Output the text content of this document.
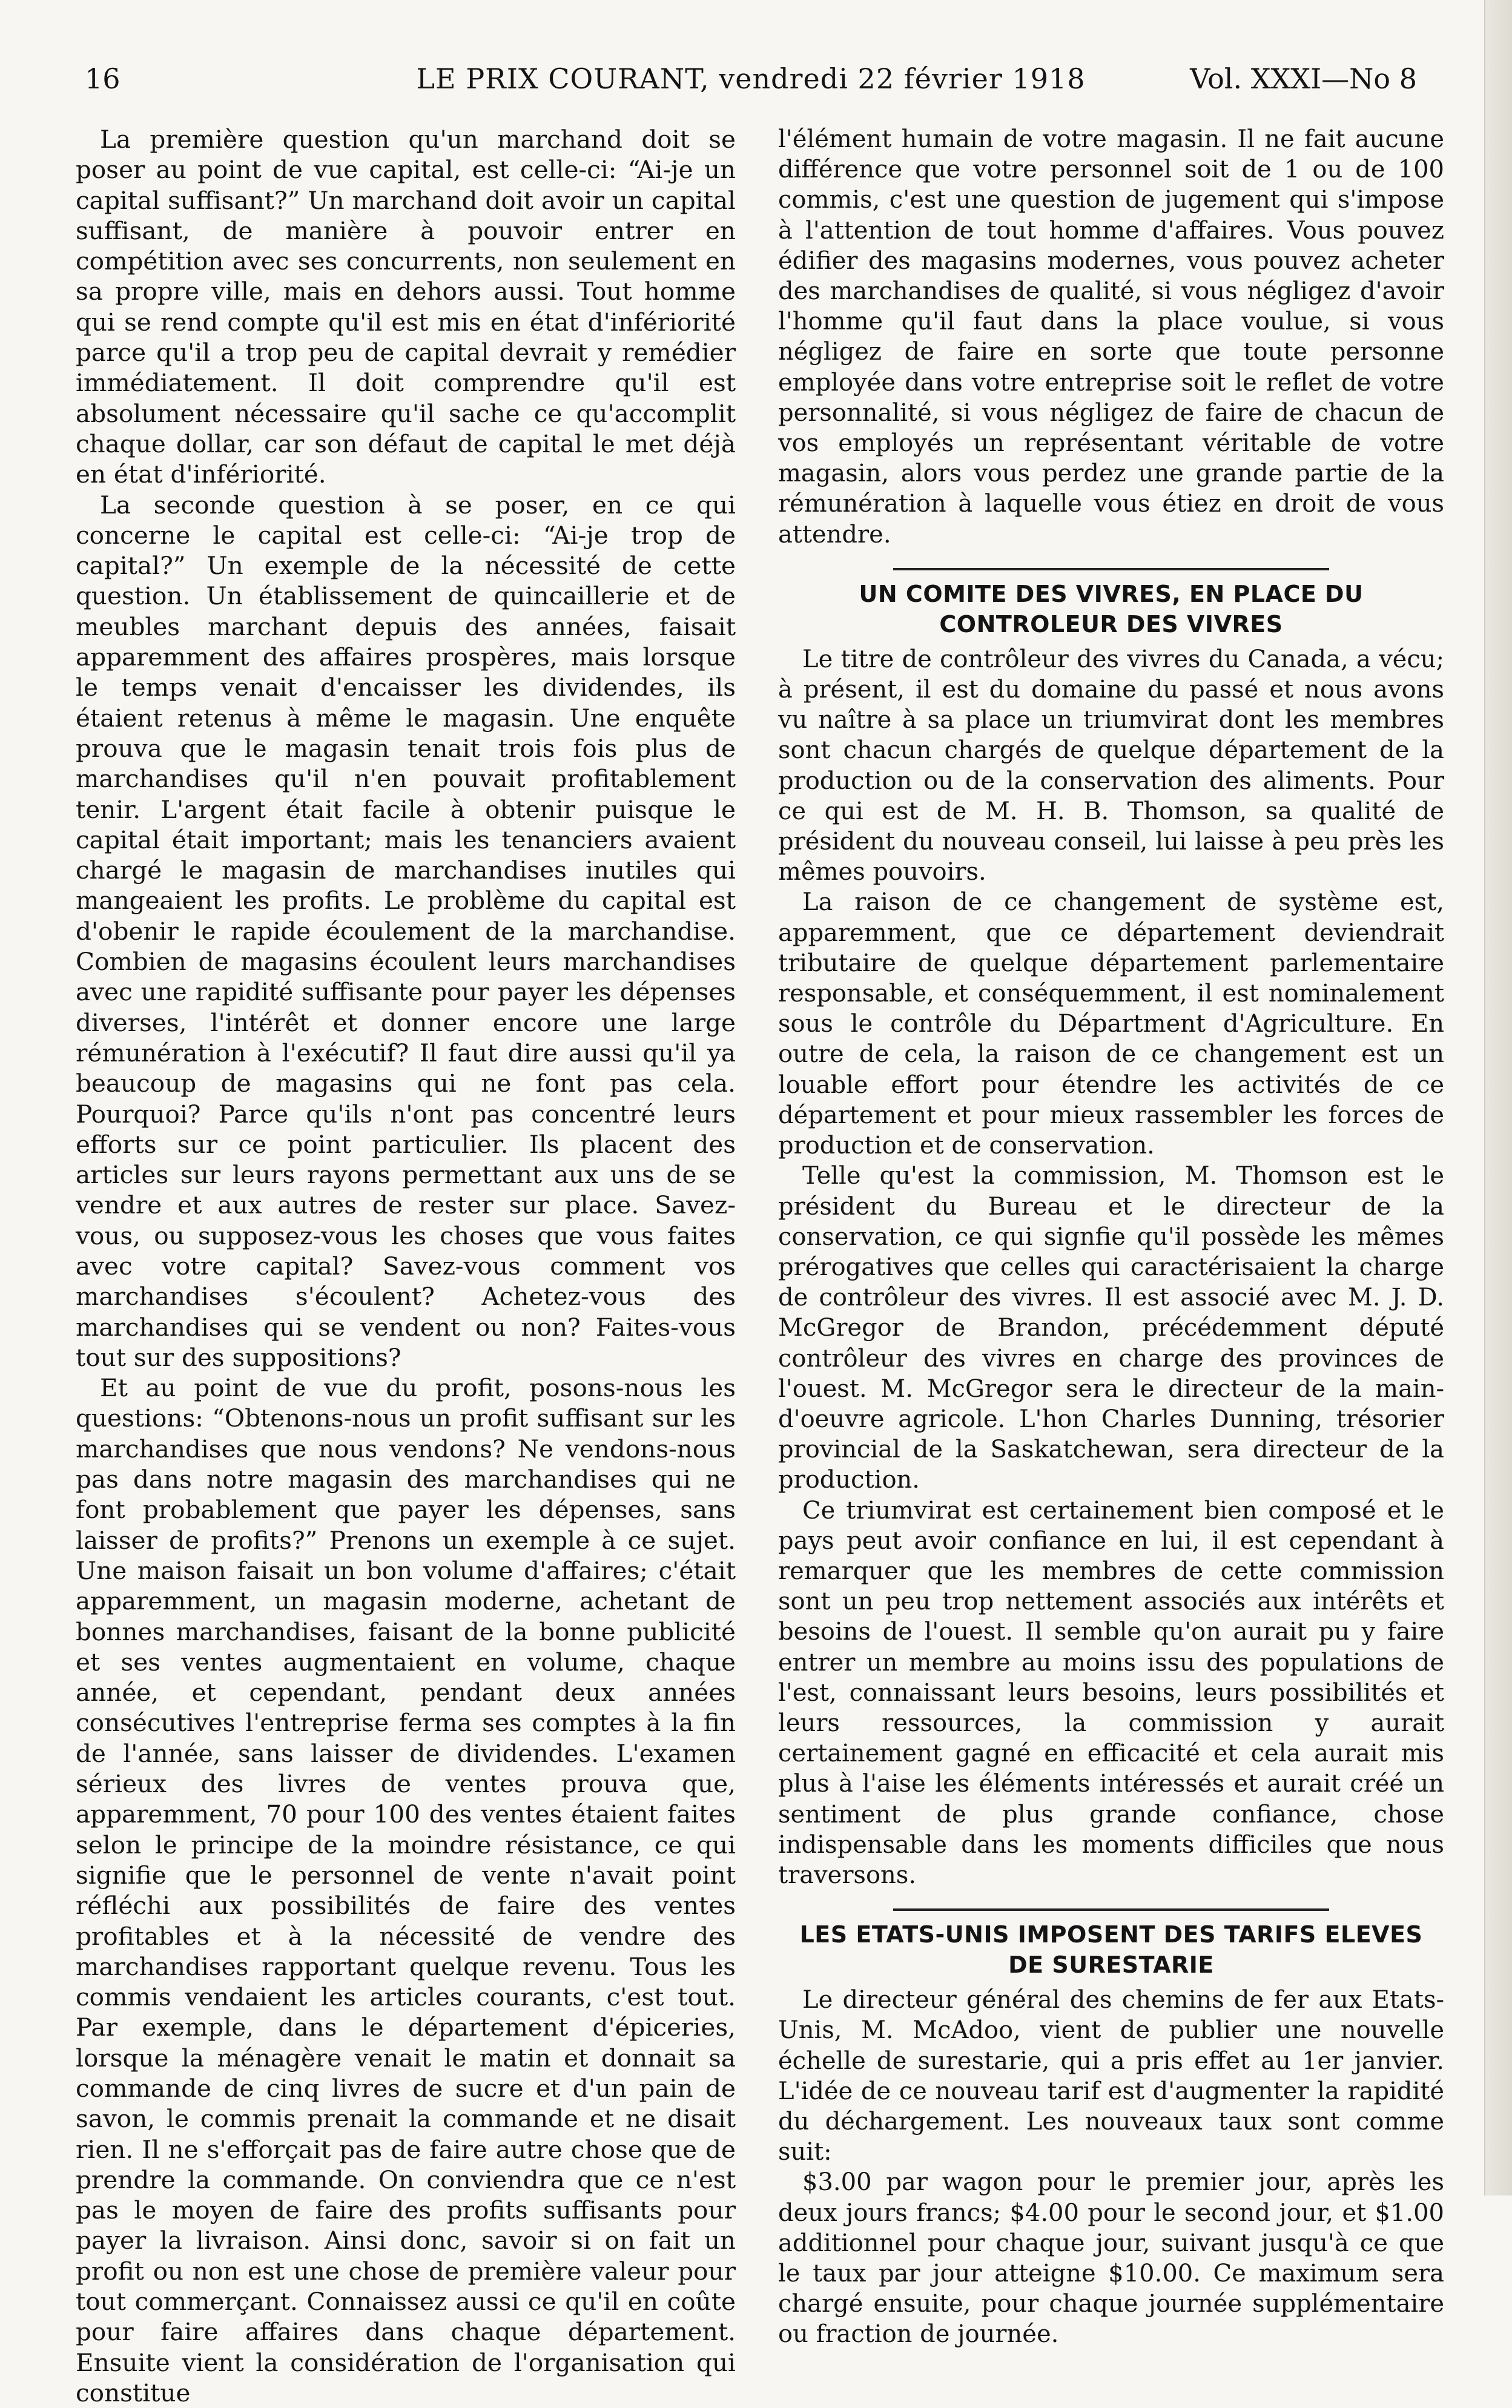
16	LE PRIX COURANT, vendredi 22 février 1918	Vol. XXXI—No 8

La première question qu'un marchand doit se poser au point de vue capital, est celle-ci: “Ai-je un capital suffisant?” Un marchand doit avoir un capital suffisant, de manière à pouvoir entrer en compétition avec ses concurrents, non seulement en sa propre ville, mais en dehors aussi. Tout homme qui se rend compte qu'il est mis en état d'infériorité parce qu'il a trop peu de capital devrait y remédier immédiatement. Il doit comprendre qu'il est absolument nécessaire qu'il sache ce qu'accomplit chaque dollar, car son défaut de capital le met déjà en état d'infériorité.

La seconde question à se poser, en ce qui concerne le capital est celle-ci: “Ai-je trop de capital?” Un exemple de la nécessité de cette question. Un établissement de quincaillerie et de meubles marchant depuis des années, faisait apparemment des affaires prospères, mais lorsque le temps venait d'encaisser les dividendes, ils étaient retenus à même le magasin. Une enquête prouva que le magasin tenait trois fois plus de marchandises qu'il n'en pouvait profitablement tenir. L'argent était facile à obtenir puisque le capital était important; mais les tenanciers avaient chargé le magasin de marchandises inutiles qui mangeaient les profits. Le problème du capital est d'obenir le rapide écoulement de la marchandise. Combien de magasins écoulent leurs marchandises avec une rapidité suffisante pour payer les dépenses diverses, l'intérêt et donner encore une large rémunération à l'exécutif? Il faut dire aussi qu'il ya beaucoup de magasins qui ne font pas cela. Pourquoi? Parce qu'ils n'ont pas concentré leurs efforts sur ce point particulier. Ils placent des articles sur leurs rayons permettant aux uns de se vendre et aux autres de rester sur place. Savez-vous, ou supposez-vous les choses que vous faites avec votre capital? Savez-vous comment vos marchandises s'écoulent? Achetez-vous des marchandises qui se vendent ou non? Faites-vous tout sur des suppositions?

Et au point de vue du profit, posons-nous les questions: “Obtenons-nous un profit suffisant sur les marchandises que nous vendons? Ne vendons-nous pas dans notre magasin des marchandises qui ne font probablement que payer les dépenses, sans laisser de profits?” Prenons un exemple à ce sujet. Une maison faisait un bon volume d'affaires; c'était apparemment, un magasin moderne, achetant de bonnes marchandises, faisant de la bonne publicité et ses ventes augmentaient en volume, chaque année, et cependant, pendant deux années consécutives l'entreprise ferma ses comptes à la fin de l'année, sans laisser de dividendes. L'examen sérieux des livres de ventes prouva que, apparemment, 70 pour 100 des ventes étaient faites selon le principe de la moindre résistance, ce qui signifie que le personnel de vente n'avait point réfléchi aux possibilités de faire des ventes profitables et à la nécessité de vendre des marchandises rapportant quelque revenu. Tous les commis vendaient les articles courants, c'est tout. Par exemple, dans le département d'épiceries, lorsque la ménagère venait le matin et donnait sa commande de cinq livres de sucre et d'un pain de savon, le commis prenait la commande et ne disait rien. Il ne s'efforçait pas de faire autre chose que de prendre la commande. On conviendra que ce n'est pas le moyen de faire des profits suffisants pour payer la livraison. Ainsi donc, savoir si on fait un profit ou non est une chose de première valeur pour tout commerçant. Connaissez aussi ce qu'il en coûte pour faire affaires dans chaque département. Ensuite vient la considération de l'organisation qui constitue

l'élément humain de votre magasin. Il ne fait aucune différence que votre personnel soit de 1 ou de 100 commis, c'est une question de jugement qui s'impose à l'attention de tout homme d'affaires. Vous pouvez édifier des magasins modernes, vous pouvez acheter des marchandises de qualité, si vous négligez d'avoir l'homme qu'il faut dans la place voulue, si vous négligez de faire en sorte que toute personne employée dans votre entreprise soit le reflet de votre personnalité, si vous négligez de faire de chacun de vos employés un représentant véritable de votre magasin, alors vous perdez une grande partie de la rémunération à laquelle vous étiez en droit de vous attendre.

UN COMITE DES VIVRES, EN PLACE DU CONTROLEUR DES VIVRES

Le titre de contrôleur des vivres du Canada, a vécu; à présent, il est du domaine du passé et nous avons vu naître à sa place un triumvirat dont les membres sont chacun chargés de quelque département de la production ou de la conservation des aliments. Pour ce qui est de M. H. B. Thomson, sa qualité de président du nouveau conseil, lui laisse à peu près les mêmes pouvoirs.

La raison de ce changement de système est, apparemment, que ce département deviendrait tributaire de quelque département parlementaire responsable, et conséquemment, il est nominalement sous le contrôle du Départment d'Agriculture. En outre de cela, la raison de ce changement est un louable effort pour étendre les activités de ce département et pour mieux rassembler les forces de production et de conservation.

Telle qu'est la commission, M. Thomson est le président du Bureau et le directeur de la conservation, ce qui signfie qu'il possède les mêmes prérogatives que celles qui caractérisaient la charge de contrôleur des vivres. Il est associé avec M. J. D. McGregor de Brandon, précédemment député contrôleur des vivres en charge des provinces de l'ouest. M. McGregor sera le directeur de la main-d'oeuvre agricole. L'hon Charles Dunning, trésorier provincial de la Saskatchewan, sera directeur de la production.

Ce triumvirat est certainement bien composé et le pays peut avoir confiance en lui, il est cependant à remarquer que les membres de cette commission sont un peu trop nettement associés aux intérêts et besoins de l'ouest. Il semble qu'on aurait pu y faire entrer un membre au moins issu des populations de l'est, connaissant leurs besoins, leurs possibilités et leurs ressources, la commission y aurait certainement gagné en efficacité et cela aurait mis plus à l'aise les éléments intéressés et aurait créé un sentiment de plus grande confiance, chose indispensable dans les moments difficiles que nous traversons.

LES ETATS-UNIS IMPOSENT DES TARIFS ELEVES DE SURESTARIE

Le directeur général des chemins de fer aux Etats-Unis, M. McAdoo, vient de publier une nouvelle échelle de surestarie, qui a pris effet au 1er janvier. L'idée de ce nouveau tarif est d'augmenter la rapidité du déchargement. Les nouveaux taux sont comme suit:

$3.00 par wagon pour le premier jour, après les deux jours francs; $4.00 pour le second jour, et $1.00 additionnel pour chaque jour, suivant jusqu'à ce que le taux par jour atteigne $10.00. Ce maximum sera chargé ensuite, pour chaque journée supplémentaire ou fraction de journée.
